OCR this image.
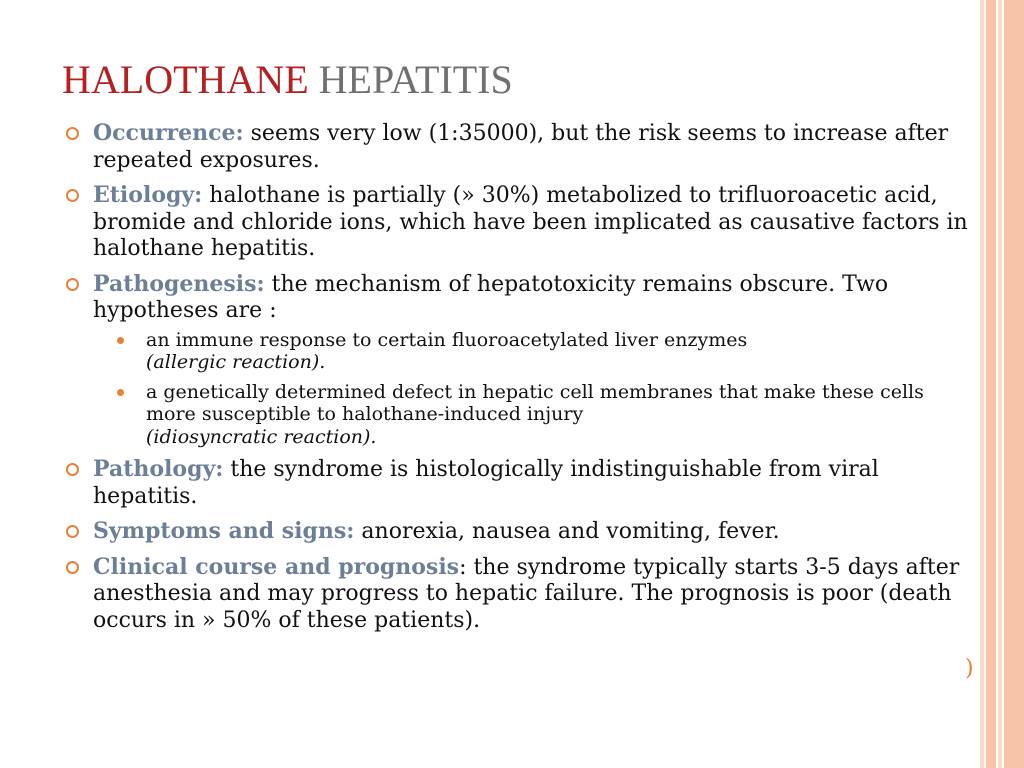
HALOTHANE HEPATITIS
Occurrence: seems very low (1:35000), but the risk seems to increase after repeated exposures.
Etiology: halothane is partially (» 30%) metabolized to trifluoroacetic acid, bromide and chloride ions, which have been implicated as causative factors in halothane hepatitis.
Pathogenesis: the mechanism of hepatotoxicity remains obscure. Two hypotheses are :
an immune response to certain fluoroacetylated liver enzymes
(allergic reaction).
a genetically determined defect in hepatic cell membranes that make these cells more susceptible to halothane-induced injury
(idiosyncratic reaction).
Pathology: the syndrome is histologically indistinguishable from viral hepatitis.
Symptoms and signs: anorexia, nausea and vomiting, fever.
Clinical course and prognosis: the syndrome typically starts 3-5 days after anesthesia and may progress to hepatic failure. The prognosis is poor (death occurs in » 50% of these patients).
)
